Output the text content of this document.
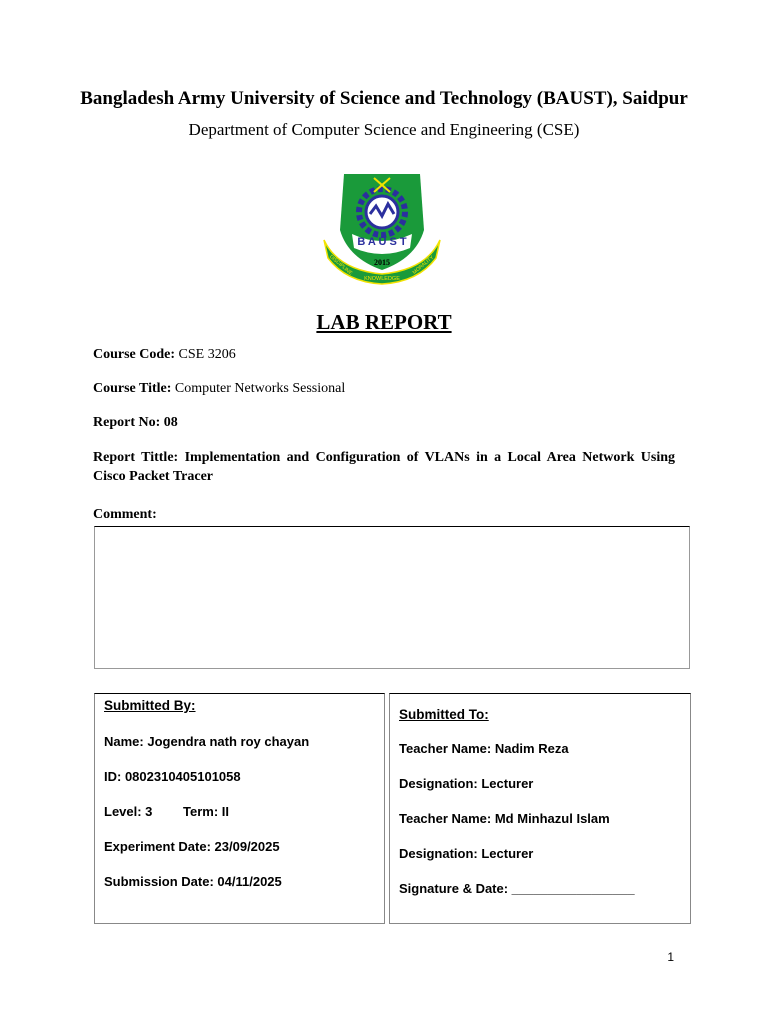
Bangladesh Army University of Science and Technology (BAUST), Saidpur
Department of Computer Science and Engineering (CSE)
B A U S T
2015
DISCIPLINE
KNOWLEDGE
MORALITY
LAB REPORT
Course Code: CSE 3206
Course Title: Computer Networks Sessional
Report No: 08
Report Tittle: Implementation and Configuration of VLANs in a Local Area Network Using Cisco Packet Tracer
Comment:
Submitted By:
Name: Jogendra nath roy chayan
ID: 0802310405101058
Level: 3 Term: II
Experiment Date: 23/09/2025
Submission Date: 04/11/2025
Submitted To:
Teacher Name: Nadim Reza
Designation: Lecturer
Teacher Name: Md Minhazul Islam
Designation: Lecturer
Signature & Date: _________________
1
